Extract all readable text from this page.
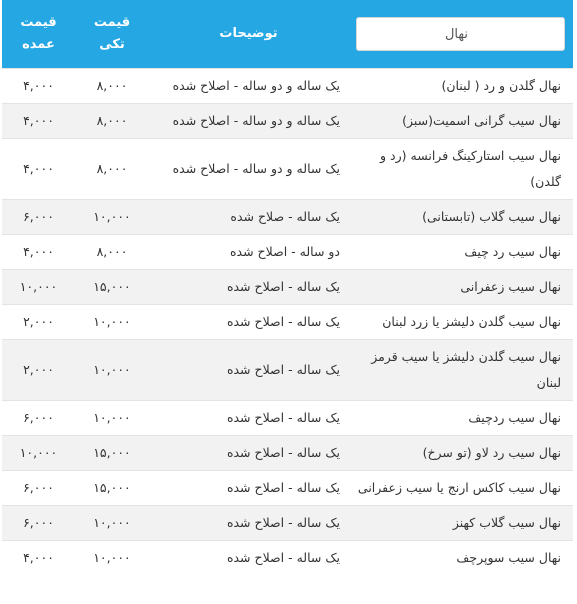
نهال	توضیحات	قیمت تکی	قیمت عمده
نهال گلدن و رد ( لبنان)	یک ساله و دو ساله - اصلاح شده	۸,۰۰۰	۴,۰۰۰
نهال سیب گرانی اسمیت(سبز)	یک ساله و دو ساله - اصلاح شده	۸,۰۰۰	۴,۰۰۰
نهال سیب استارکینگ فرانسه (رد و گلدن)	یک ساله و دو ساله - اصلاح شده	۸,۰۰۰	۴,۰۰۰
نهال سیب گلاب (تابستانی)	یک ساله - صلاح شده	۱۰,۰۰۰	۶,۰۰۰
نهال سیب رد چیف	دو ساله - اصلاح شده	۸,۰۰۰	۴,۰۰۰
نهال سیب زعفرانی	یک ساله - اصلاح شده	۱۵,۰۰۰	۱۰,۰۰۰
نهال سیب گلدن دلیشز یا زرد لبنان	یک ساله - اصلاح شده	۱۰,۰۰۰	۲,۰۰۰
نهال سیب گلدن دلیشز یا سیب قرمز لبنان	یک ساله - اصلاح شده	۱۰,۰۰۰	۲,۰۰۰
نهال سیب ردچیف	یک ساله - اصلاح شده	۱۰,۰۰۰	۶,۰۰۰
نهال سیب رد لاو (تو سرخ)	یک ساله - اصلاح شده	۱۵,۰۰۰	۱۰,۰۰۰
نهال سیب کاکس ارنج یا سیب زعفرانی	یک ساله - اصلاح شده	۱۵,۰۰۰	۶,۰۰۰
نهال سیب گلاب کهنز	یک ساله - اصلاح شده	۱۰,۰۰۰	۶,۰۰۰
نهال سیب سوپرچف	یک ساله - اصلاح شده	۱۰,۰۰۰	۴,۰۰۰
